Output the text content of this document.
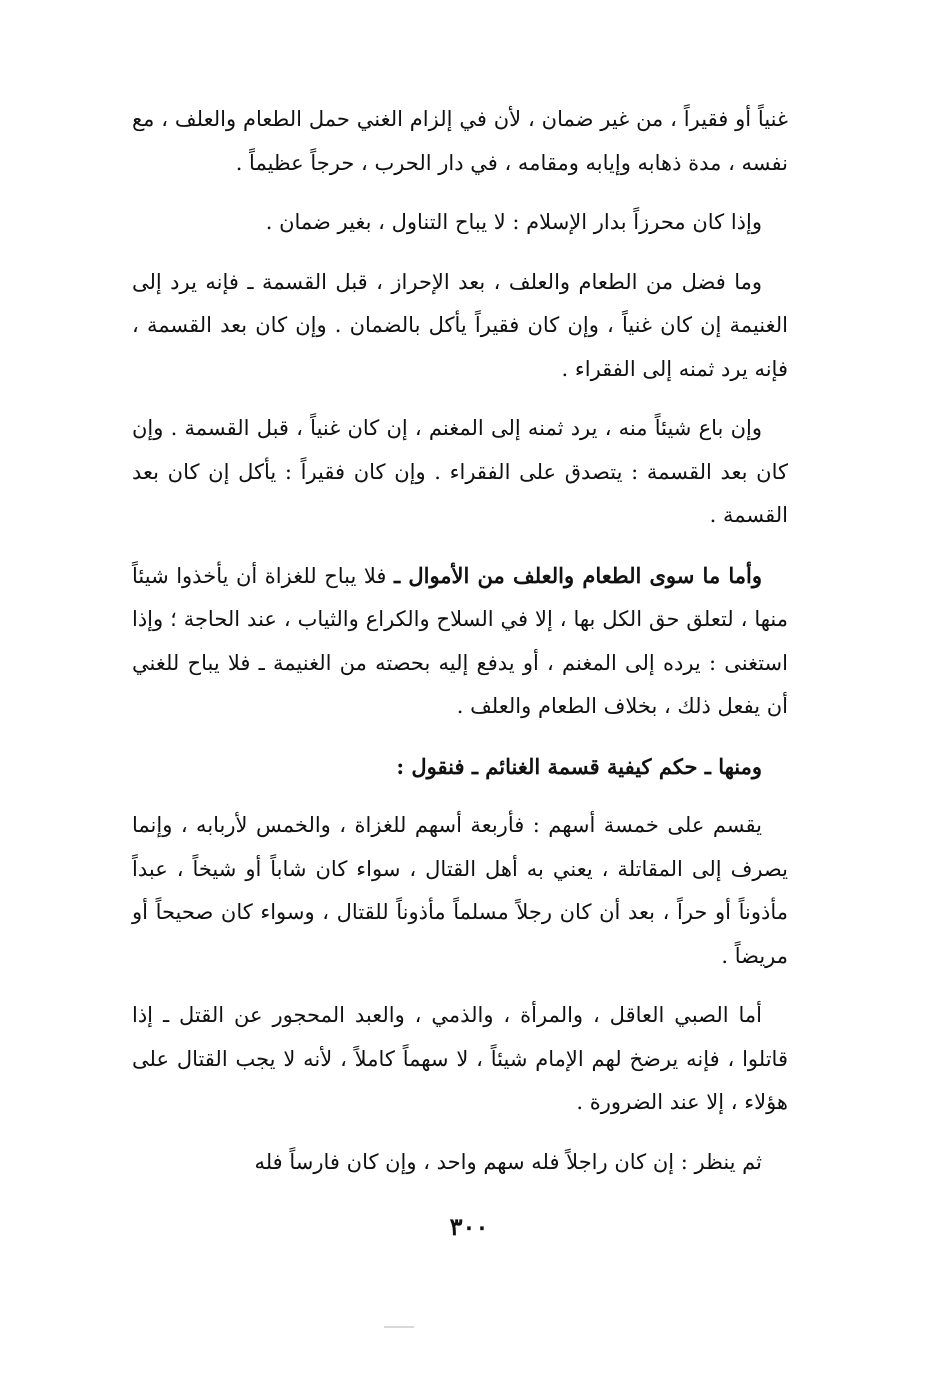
غنياً أو فقيراً ، من غير ضمان ، لأن في إلزام الغني حمل الطعام والعلف ، مع نفسه ، مدة ذهابه وإيابه ومقامه ، في دار الحرب ، حرجاً عظيماً .

وإذا كان محرزاً بدار الإسلام : لا يباح التناول ، بغير ضمان .

وما فضل من الطعام والعلف ، بعد الإحراز ، قبل القسمة ـ فإنه يرد إلى الغنيمة إن كان غنياً ، وإن كان فقيراً يأكل بالضمان . وإن كان بعد القسمة ، فإنه يرد ثمنه إلى الفقراء .

وإن باع شيئاً منه ، يرد ثمنه إلى المغنم ، إن كان غنياً ، قبل القسمة . وإن كان بعد القسمة : يتصدق على الفقراء . وإن كان فقيراً : يأكل إن كان بعد القسمة .

وأما ما سوى الطعام والعلف من الأموال ـ فلا يباح للغزاة أن يأخذوا شيئاً منها ، لتعلق حق الكل بها ، إلا في السلاح والكراع والثياب ، عند الحاجة ؛ وإذا استغنى : يرده إلى المغنم ، أو يدفع إليه بحصته من الغنيمة ـ فلا يباح للغني أن يفعل ذلك ، بخلاف الطعام والعلف .

ومنها ـ حكم كيفية قسمة الغنائم ـ فنقول :

يقسم على خمسة أسهم : فأربعة أسهم للغزاة ، والخمس لأربابه ، وإنما يصرف إلى المقاتلة ، يعني به أهل القتال ، سواء كان شاباً أو شيخاً ، عبداً مأذوناً أو حراً ، بعد أن كان رجلاً مسلماً مأذوناً للقتال ، وسواء كان صحيحاً أو مريضاً .

أما الصبي العاقل ، والمرأة ، والذمي ، والعبد المحجور عن القتل ـ إذا قاتلوا ، فإنه يرضخ لهم الإمام شيئاً ، لا سهماً كاملاً ، لأنه لا يجب القتال على هؤلاء ، إلا عند الضرورة .

ثم ينظر : إن كان راجلاً فله سهم واحد ، وإن كان فارساً فله

٣٠٠
